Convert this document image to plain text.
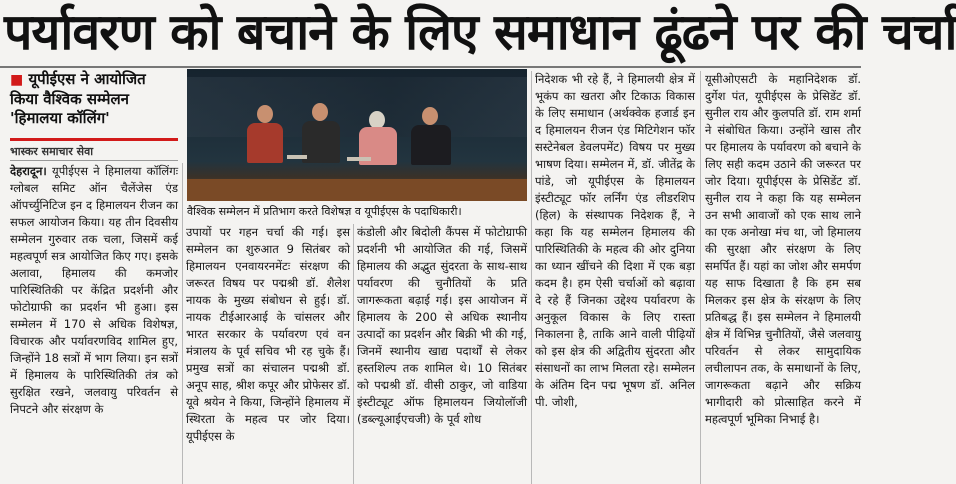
पर्यावरण को बचाने के लिए समाधान ढूंढने पर की चर्चा
■ यूपीईएस ने आयोजित
किया वैश्विक सम्मेलन
'हिमालया कॉलिंग'
भास्कर समाचार सेवा

देहरादून। यूपीईएस ने हिमालया कॉलिंगः ग्लोबल समिट ऑन चैलेंजेस एंड ऑपर्च्युनिटिज इन द हिमालयन रीजन का सफल आयोजन किया। यह तीन दिवसीय सम्मेलन गुरुवार तक चला, जिसमें कई महत्वपूर्ण सत्र आयोजित किए गए। इसके अलावा, हिमालय की कमजोर पारिस्थितिकी पर केंद्रित प्रदर्शनी और फोटोग्राफी का प्रदर्शन भी हुआ। इस सम्मेलन में 170 से अधिक विशेषज्ञ, विचारक और पर्यावरणविद शामिल हुए, जिन्होंने 18 सत्रों में भाग लिया। इन सत्रों में हिमालय के पारिस्थितिकी तंत्र को सुरक्षित रखने, जलवायु परिवर्तन से निपटने और संरक्षण के

वैश्विक सम्मेलन में प्रतिभाग करते विशेषज्ञ व यूपीईएस के पदाधिकारी।

उपायों पर गहन चर्चा की गई। इस सम्मेलन का शुरुआत 9 सितंबर को हिमालयन एनवायरनमेंटः संरक्षण की जरूरत विषय पर पद्मश्री डॉ. शैलेश नायक के मुख्य संबोधन से हुई। डॉ. नायक टीईआरआई के चांसलर और भारत सरकार के पर्यावरण एवं वन मंत्रालय के पूर्व सचिव भी रह चुके हैं। प्रमुख सत्रों का संचालन पद्मश्री डॉ. अनूप साह, श्रीश कपूर और प्रोफेसर डॉ. यूवे श्रयेन ने किया, जिन्होंने हिमालय में स्थिरता के महत्व पर जोर दिया। यूपीईएस के

कंडोली और बिदोली कैंपस में फोटोग्राफी प्रदर्शनी भी आयोजित की गई, जिसमें हिमालय की अद्भुत सुंदरता के साथ-साथ पर्यावरण की चुनौतियों के प्रति जागरूकता बढ़ाई गई। इस आयोजन में हिमालय के 200 से अधिक स्थानीय उत्पादों का प्रदर्शन और बिक्री भी की गई, जिनमें स्थानीय खाद्य पदार्थों से लेकर हस्तशिल्प तक शामिल थे। 10 सितंबर को पद्मश्री डॉ. वीसी ठाकुर, जो वाडिया इंस्टीट्यूट ऑफ हिमालयन जियोलॉजी (डब्ल्यूआईएचजी) के पूर्व शोध

निदेशक भी रहे हैं, ने हिमालयी क्षेत्र में भूकंप का खतरा और टिकाऊ विकास के लिए समाधान (अर्थक्वेक हजार्ड इन द हिमालयन रीजन एंड मिटिगेशन फॉर सस्टेनेबल डेवलपमेंट) विषय पर मुख्य भाषण दिया। सम्मेलन में, डॉ. जीतेंद्र के पांडे, जो यूपीईएस के हिमालयन इंस्टीट्यूट फॉर लर्निंग एंड लीडरशिप (हिल) के संस्थापक निदेशक हैं, ने कहा कि यह सम्मेलन हिमालय की पारिस्थितिकी के महत्व की ओर दुनिया का ध्यान खींचने की दिशा में एक बड़ा कदम है। हम ऐसी चर्चाओं को बढ़ावा दे रहे हैं जिनका उद्देश्य पर्यावरण के अनुकूल विकास के लिए रास्ता निकालना है, ताकि आने वाली पीढ़ियों को इस क्षेत्र की अद्वितीय सुंदरता और संसाधनों का लाभ मिलता रहे। सम्मेलन के अंतिम दिन पद्म भूषण डॉ. अनिल पी. जोशी,

यूसीओएसटी के महानिदेशक डॉ. दुर्गेश पंत, यूपीईएस के प्रेसिडेंट डॉ. सुनील राय और कुलपति डॉ. राम शर्मा ने संबोधित किया। उन्होंने खास तौर पर हिमालय के पर्यावरण को बचाने के लिए सही कदम उठाने की जरूरत पर जोर दिया। यूपीईएस के प्रेसिडेंट डॉ. सुनील राय ने कहा कि यह सम्मेलन उन सभी आवाजों को एक साथ लाने का एक अनोखा मंच था, जो हिमालय की सुरक्षा और संरक्षण के लिए समर्पित हैं। यहां का जोश और समर्पण यह साफ दिखाता है कि हम सब मिलकर इस क्षेत्र के संरक्षण के लिए प्रतिबद्ध हैं। इस सम्मेलन ने हिमालयी क्षेत्र में विभिन्न चुनौतियों, जैसे जलवायु परिवर्तन से लेकर सामुदायिक लचीलापन तक, के समाधानों के लिए, जागरूकता बढ़ाने और सक्रिय भागीदारी को प्रोत्साहित करने में महत्वपूर्ण भूमिका निभाई है।
